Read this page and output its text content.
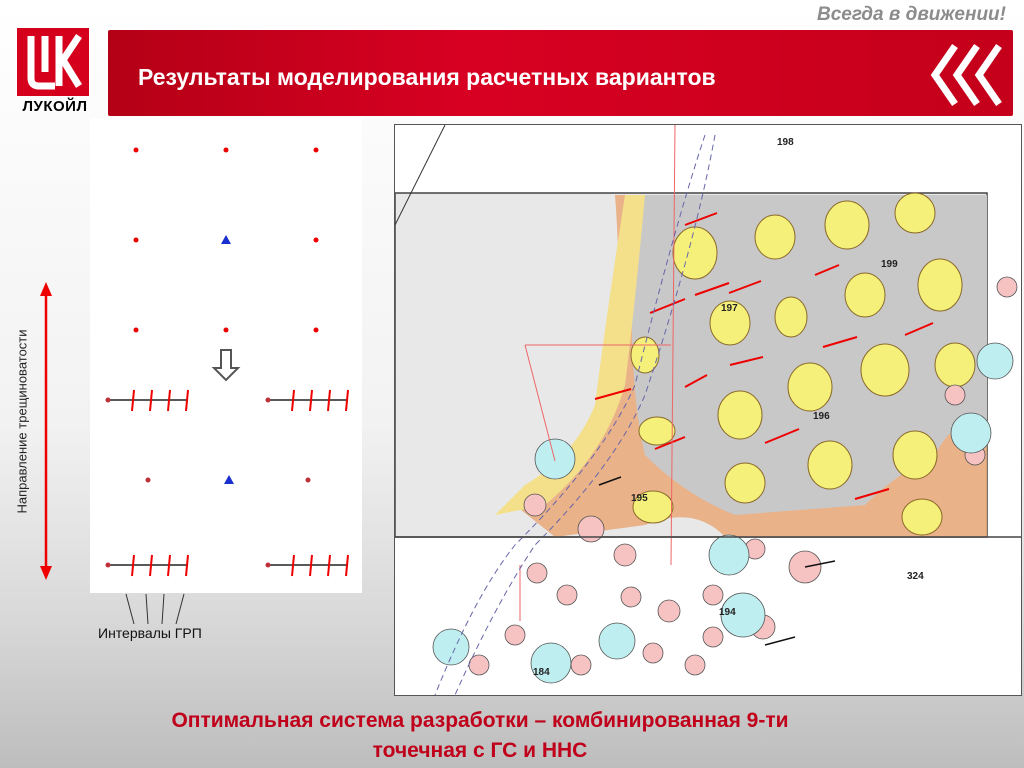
Всегда в движении!
ЛУКОЙЛ
Результаты моделирования расчетных вариантов
Направление трещиноватости
Интервалы ГРП
198
199
197
196
195
194
184
324
Оптимальная система разработки – комбинированная 9-ти
точечная с ГС и ННС
